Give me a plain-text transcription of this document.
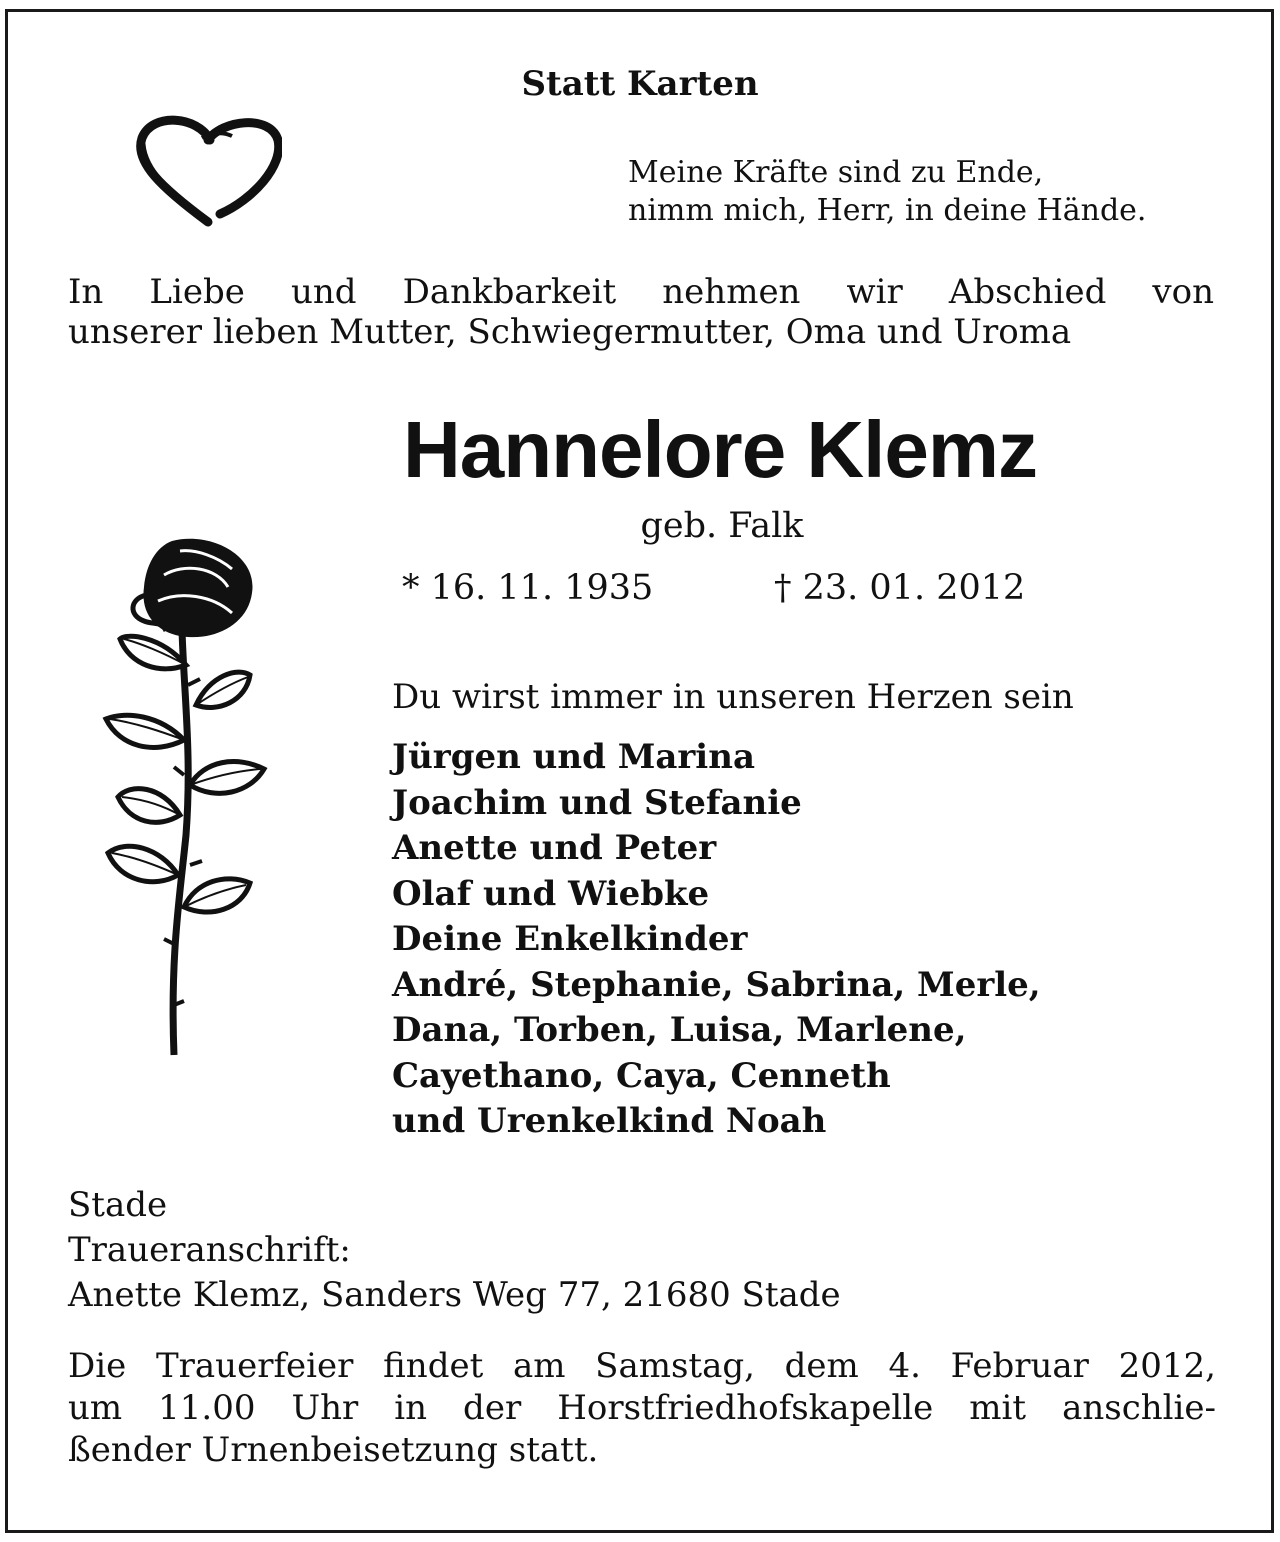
Statt Karten
Meine Kräfte sind zu Ende,
nimm mich, Herr, in deine Hände.
In Liebe und Dankbarkeit nehmen wir Abschied von
unserer lieben Mutter, Schwiegermutter, Oma und Uroma
Hannelore Klemz
geb. Falk
* 16. 11. 1935	† 23. 01. 2012
Du wirst immer in unseren Herzen sein
Jürgen und Marina
Joachim und Stefanie
Anette und Peter
Olaf und Wiebke
Deine Enkelkinder
André, Stephanie, Sabrina, Merle,
Dana, Torben, Luisa, Marlene,
Cayethano, Caya, Cenneth
und Urenkelkind Noah
Stade
Traueranschrift:
Anette Klemz, Sanders Weg 77, 21680 Stade
Die Trauerfeier findet am Samstag, dem 4. Februar 2012,
um 11.00 Uhr in der Horstfriedhofskapelle mit anschlie-
ßender Urnenbeisetzung statt.
